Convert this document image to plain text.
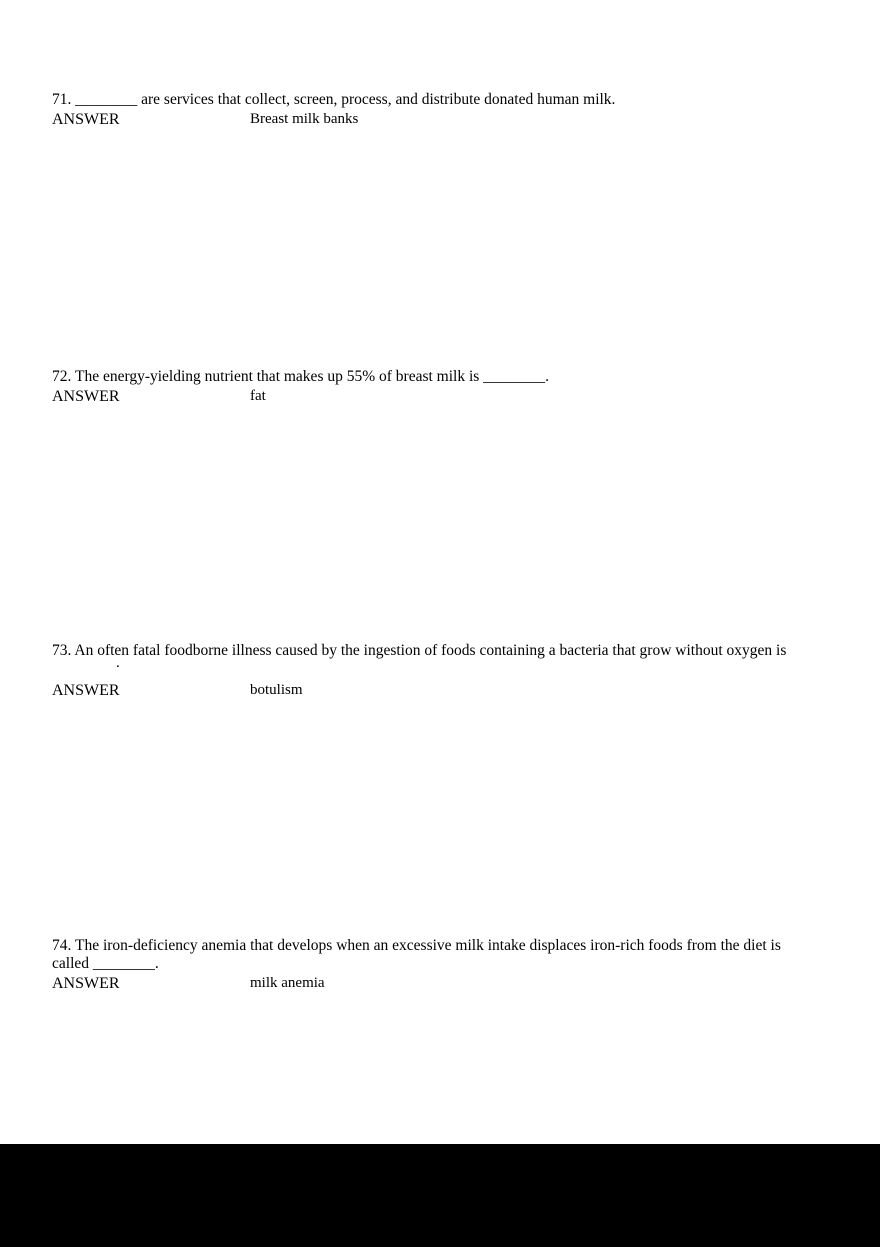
71. ________ are services that collect, screen, process, and distribute donated human milk.

ANSWER	Breast milk banks

72. The energy-yielding nutrient that makes up 55% of breast milk is ________.

ANSWER	fat

73. An often fatal foodborne illness caused by the ingestion of foods containing a bacteria that grow without oxygen is

.
ANSWER	botulism

74. The iron-deficiency anemia that develops when an excessive milk intake displaces iron-rich foods from the diet is called ________.

ANSWER	milk anemia
